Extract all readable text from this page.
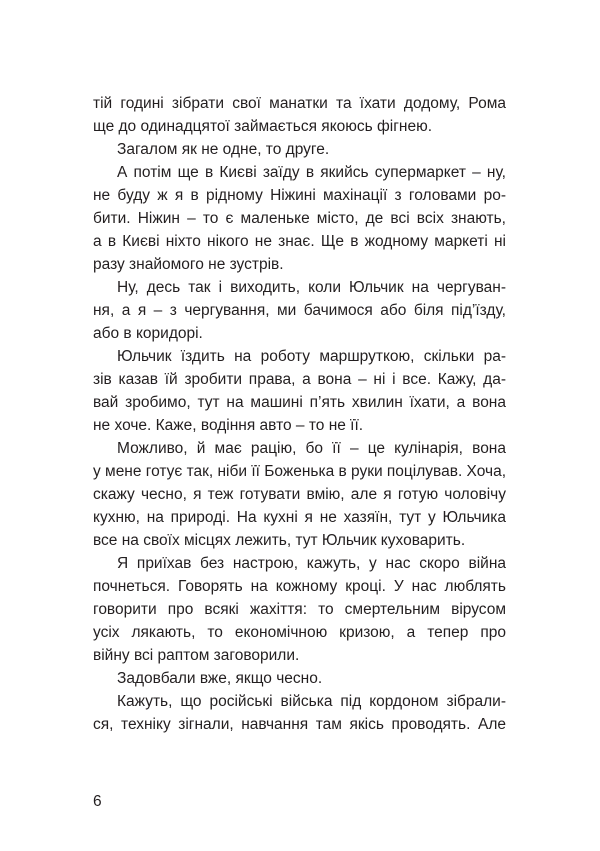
тій годині зібрати свої манатки та їхати додому, Рома
ще до одинадцятої займається якоюсь фігнею.
Загалом як не одне, то друге.
А потім ще в Києві заїду в якийсь супермаркет – ну,
не буду ж я в рідному Ніжині махінації з головами ро-
бити. Ніжин – то є маленьке місто, де всі всіх знають,
а в Києві ніхто нікого не знає. Ще в жодному маркеті ні
разу знайомого не зустрів.
Ну, десь так і виходить, коли Юльчик на чергуван-
ня, а я – з чергування, ми бачимося або біля під’їзду,
або в коридорі.
Юльчик їздить на роботу маршруткою, скільки ра-
зів казав їй зробити права, а вона – ні і все. Кажу, да-
вай зробимо, тут на машині п’ять хвилин їхати, а вона
не хоче. Каже, водіння авто – то не її.
Можливо, й має рацію, бо її – це кулінарія, вона
у мене готує так, ніби її Боженька в руки поцілував. Хоча,
скажу чесно, я теж готувати вмію, але я готую чоловічу
кухню, на природі. На кухні я не хазяїн, тут у Юльчика
все на своїх місцях лежить, тут Юльчик куховарить.
Я приїхав без настрою, кажуть, у нас скоро війна
почнеться. Говорять на кожному кроці. У нас люблять
говорити про всякі жахіття: то смертельним вірусом
усіх лякають, то економічною кризою, а тепер про
війну всі раптом заговорили.
Задовбали вже, якщо чесно.
Кажуть, що російські війська під кордоном зібрали-
ся, техніку зігнали, навчання там якісь проводять. Але
6
